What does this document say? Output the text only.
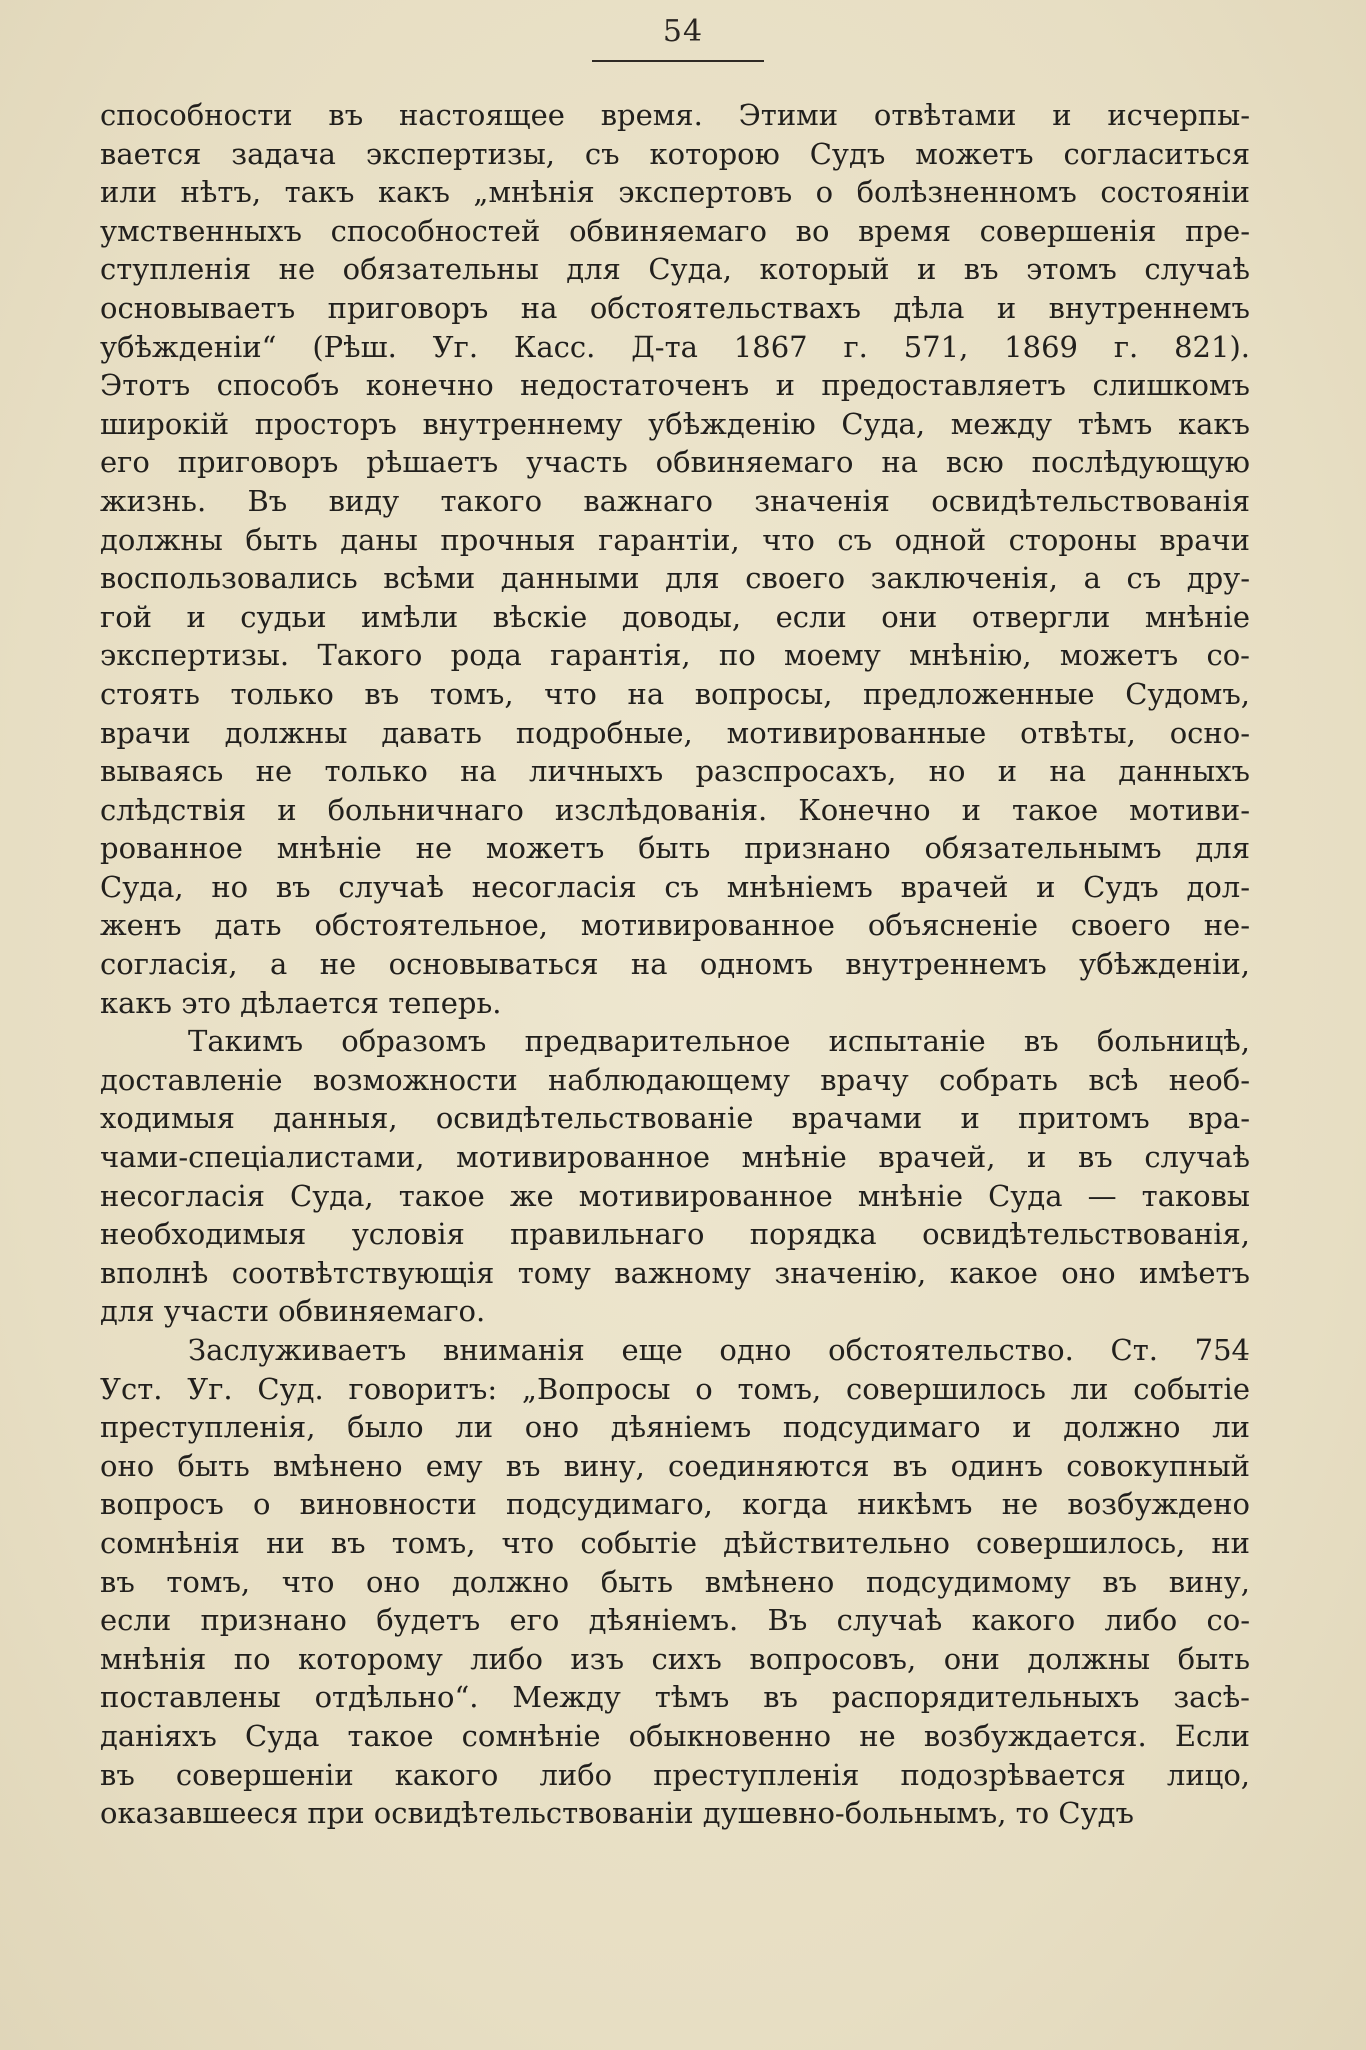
54
способности въ настоящее время. Этими отвѣтами и исчерпы-
вается задача экспертизы, съ которою Судъ можетъ согласиться
или нѣтъ, такъ какъ „мнѣнія экспертовъ о болѣзненномъ состояніи
умственныхъ способностей обвиняемаго во время совершенія пре-
ступленія не обязательны для Суда, который и въ этомъ случаѣ
основываетъ приговоръ на обстоятельствахъ дѣла и внутреннемъ
убѣжденіи“ (Рѣш. Уг. Касс. Д-та 1867 г. 571, 1869 г. 821).
Этотъ способъ конечно недостаточенъ и предоставляетъ слишкомъ
широкій просторъ внутреннему убѣжденію Суда, между тѣмъ какъ
его приговоръ рѣшаетъ участь обвиняемаго на всю послѣдующую
жизнь. Въ виду такого важнаго значенія освидѣтельствованія
должны быть даны прочныя гарантіи, что съ одной стороны врачи
воспользовались всѣми данными для своего заключенія, а съ дру-
гой и судьи имѣли вѣскіе доводы, если они отвергли мнѣніе
экспертизы. Такого рода гарантія, по моему мнѣнію, можетъ со-
стоять только въ томъ, что на вопросы, предложенные Судомъ,
врачи должны давать подробные, мотивированные отвѣты, осно-
вываясь не только на личныхъ разспросахъ, но и на данныхъ
слѣдствія и больничнаго изслѣдованія. Конечно и такое мотиви-
рованное мнѣніе не можетъ быть признано обязательнымъ для
Суда, но въ случаѣ несогласія съ мнѣніемъ врачей и Судъ дол-
женъ дать обстоятельное, мотивированное объясненіе своего не-
согласія, а не основываться на одномъ внутреннемъ убѣжденіи,
какъ это дѣлается теперь.
Такимъ образомъ предварительное испытаніе въ больницѣ,
доставленіе возможности наблюдающему врачу собрать всѣ необ-
ходимыя данныя, освидѣтельствованіе врачами и притомъ вра-
чами-спеціалистами, мотивированное мнѣніе врачей, и въ случаѣ
несогласія Суда, такое же мотивированное мнѣніе Суда — таковы
необходимыя условія правильнаго порядка освидѣтельствованія,
вполнѣ соотвѣтствующія тому важному значенію, какое оно имѣетъ
для участи обвиняемаго.
Заслуживаетъ вниманія еще одно обстоятельство. Ст. 754
Уст. Уг. Суд. говоритъ: „Вопросы о томъ, совершилось ли событіе
преступленія, было ли оно дѣяніемъ подсудимаго и должно ли
оно быть вмѣнено ему въ вину, соединяются въ одинъ совокупный
вопросъ о виновности подсудимаго, когда никѣмъ не возбуждено
сомнѣнія ни въ томъ, что событіе дѣйствительно совершилось, ни
въ томъ, что оно должно быть вмѣнено подсудимому въ вину,
если признано будетъ его дѣяніемъ. Въ случаѣ какого либо со-
мнѣнія по которому либо изъ сихъ вопросовъ, они должны быть
поставлены отдѣльно“. Между тѣмъ въ распорядительныхъ засѣ-
даніяхъ Суда такое сомнѣніе обыкновенно не возбуждается. Если
въ совершеніи какого либо преступленія подозрѣвается лицо,
оказавшееся при освидѣтельствованіи душевно-больнымъ, то Судъ
